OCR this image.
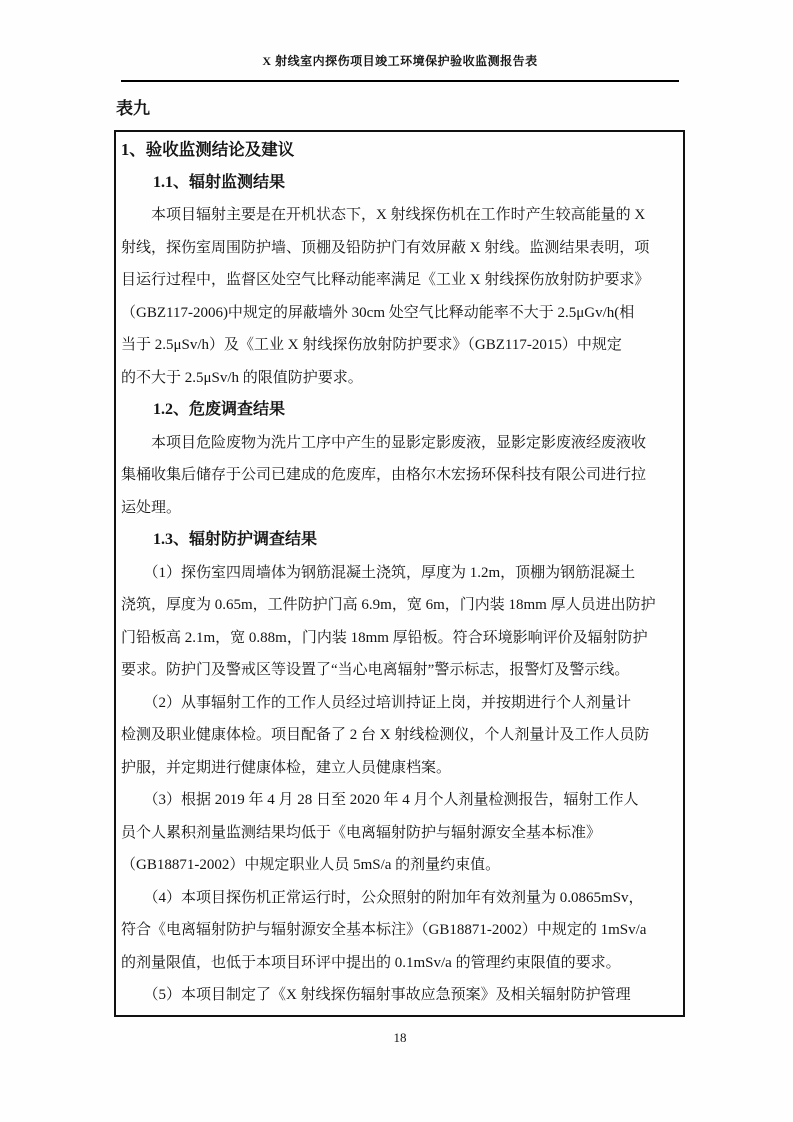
X 射线室内探伤项目竣工环境保护验收监测报告表
表九
1、验收监测结论及建议
　　1.1、辐射监测结果
　　本项目辐射主要是在开机状态下，X 射线探伤机在工作时产生较高能量的 X
射线，探伤室周围防护墙、顶棚及铅防护门有效屏蔽 X 射线。监测结果表明，项
目运行过程中，监督区处空气比释动能率满足《工业 X 射线探伤放射防护要求》
（GBZ117-2006)中规定的屏蔽墙外 30cm 处空气比释动能率不大于 2.5μGv/h(相
当于 2.5μSv/h）及《工业 X 射线探伤放射防护要求》（GBZ117-2015）中规定
的不大于 2.5μSv/h 的限值防护要求。
　　1.2、危废调查结果
　　本项目危险废物为洗片工序中产生的显影定影废液，显影定影废液经废液收
集桶收集后储存于公司已建成的危废库，由格尔木宏扬环保科技有限公司进行拉
运处理。
　　1.3、辐射防护调查结果
　　（1）探伤室四周墙体为钢筋混凝土浇筑，厚度为 1.2m，顶棚为钢筋混凝土
浇筑，厚度为 0.65m，工件防护门高 6.9m，宽 6m，门内装 18mm 厚人员进出防护
门铅板高 2.1m，宽 0.88m，门内装 18mm 厚铅板。符合环境影响评价及辐射防护
要求。防护门及警戒区等设置了“当心电离辐射”警示标志，报警灯及警示线。
　　（2）从事辐射工作的工作人员经过培训持证上岗，并按期进行个人剂量计
检测及职业健康体检。项目配备了 2 台 X 射线检测仪，个人剂量计及工作人员防
护服，并定期进行健康体检，建立人员健康档案。
　　（3）根据 2019 年 4 月 28 日至 2020 年 4 月个人剂量检测报告，辐射工作人
员个人累积剂量监测结果均低于《电离辐射防护与辐射源安全基本标准》
（GB18871-2002）中规定职业人员 5mS/a 的剂量约束值。
　　（4）本项目探伤机正常运行时，公众照射的附加年有效剂量为 0.0865mSv，
符合《电离辐射防护与辐射源安全基本标注》（GB18871-2002）中规定的 1mSv/a
的剂量限值，也低于本项目环评中提出的 0.1mSv/a 的管理约束限值的要求。
　　（5）本项目制定了《X 射线探伤辐射事故应急预案》及相关辐射防护管理
18
